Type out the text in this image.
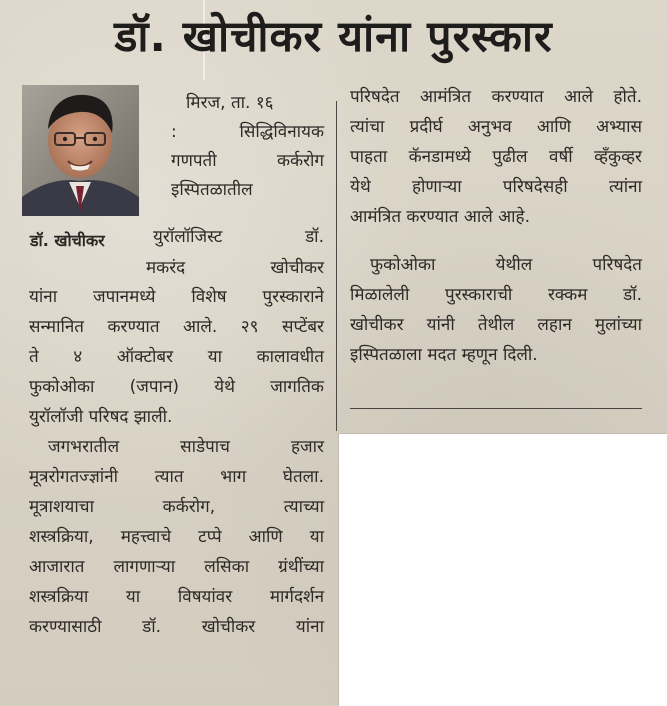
डॉ. खोचीकर यांना पुरस्कार
डॉ. खोचीकर
मिरज, ता. १६
: सिद्धिविनायक
गणपती कर्करोग
इस्पितळातील
युरॉलॉजिस्ट डॉ.
मकरंद खोचीकर
यांना जपानमध्ये विशेष पुरस्काराने
सन्मानित करण्यात आले. २९ सप्टेंबर
ते ४ ऑक्टोबर या कालावधीत
फुकोओका (जपान) येथे जागतिक
युरॉलॉजी परिषद झाली.
जगभरातील साडेपाच हजार
मूत्ररोगतज्ज्ञांनी त्यात भाग घेतला.
मूत्राशयाचा कर्करोग, त्याच्या
शस्त्रक्रिया, महत्त्वाचे टप्पे आणि या
आजारात लागणाऱ्या लसिका ग्रंथींच्या
शस्त्रक्रिया या विषयांवर मार्गदर्शन
करण्यासाठी डॉ. खोचीकर यांना
परिषदेत आमंत्रित करण्यात आले होते.
त्यांचा प्रदीर्घ अनुभव आणि अभ्यास
पाहता कॅनडामध्ये पुढील वर्षी व्हॅंकुव्हर
येथे होणाऱ्या परिषदेसही त्यांना
आमंत्रित करण्यात आले आहे.
फुकोओका येथील परिषदेत
मिळालेली पुरस्काराची रक्कम डॉ.
खोचीकर यांनी तेथील लहान मुलांच्या
इस्पितळाला मदत म्हणून दिली.
